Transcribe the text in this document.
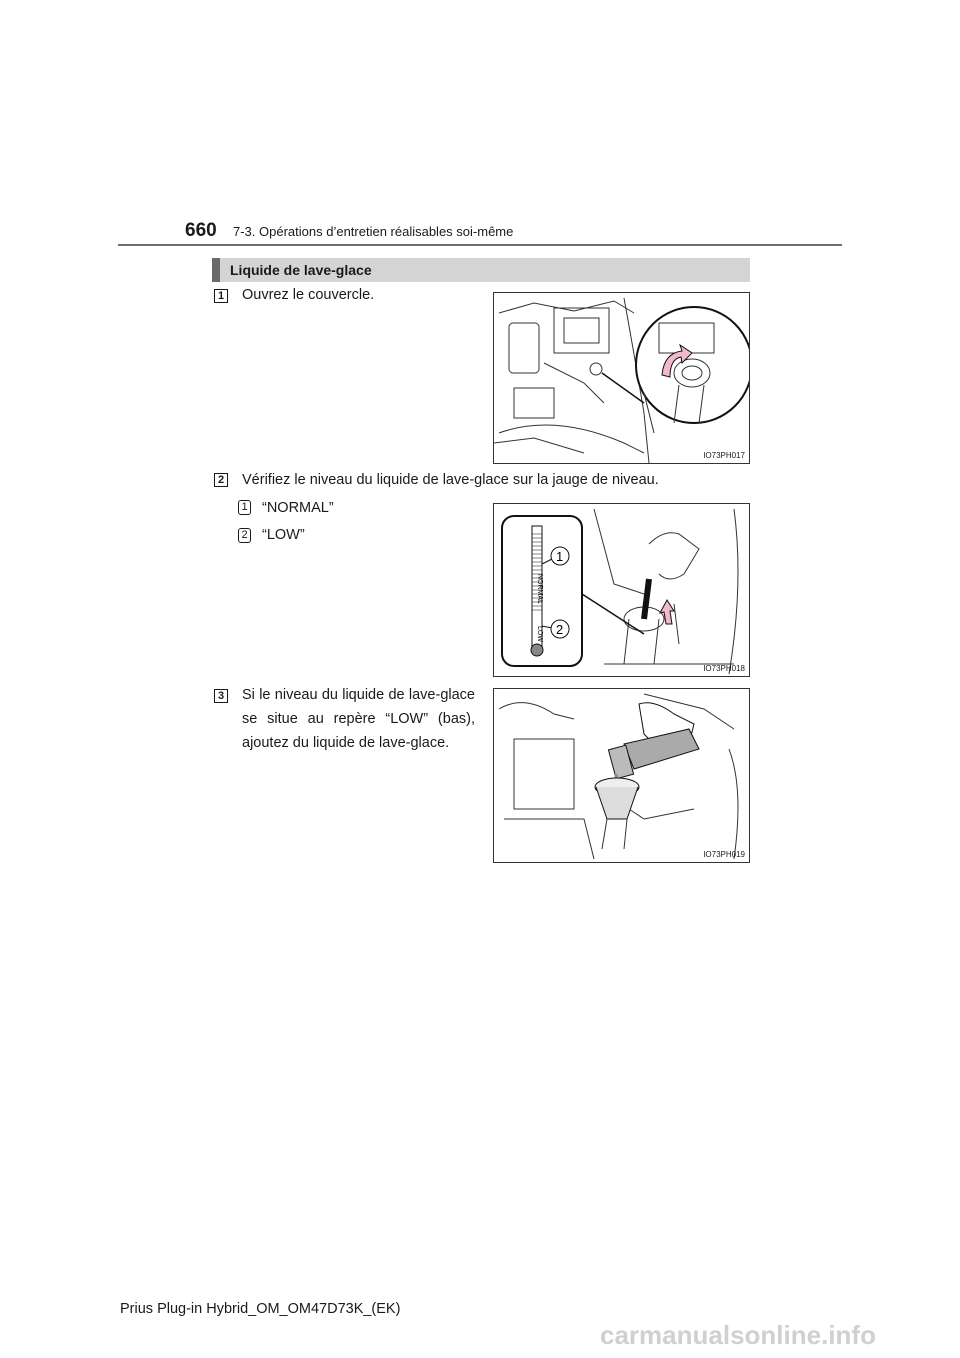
660 7-3. Opérations d’entretien réalisables soi-même
Liquide de lave-glace
1 Ouvrez le couvercle.
IO73PH017
2 Vérifiez le niveau du liquide de lave-glace sur la jauge de niveau.
1 “NORMAL”
2 “LOW”
NORMAL
LOW
1
2
IO73PH018
3 Si le niveau du liquide de lave-glace se situe au repère “LOW” (bas), ajoutez du liquide de lave-glace.
IO73PH019
Prius Plug-in Hybrid_OM_OM47D73K_(EK)
carmanualsonline.info
